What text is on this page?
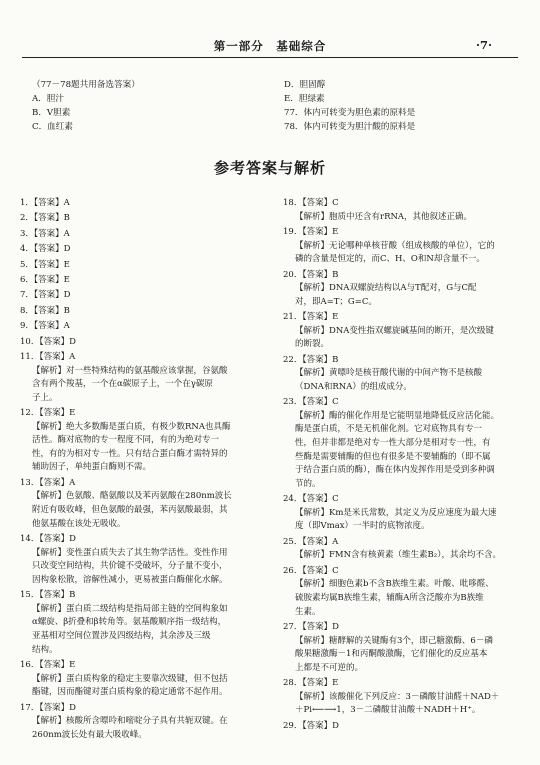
第一部分　基础综合	·7·
（77－78题共用备选答案）
A．胆汁
B．V胆素
C．血红素
D．胆固醇
E．胆绿素
77．体内可转变为胆色素的原料是
78．体内可转变为胆汁酸的原料是
参考答案与解析
1．【答案】A
2．【答案】B
3．【答案】A
4．【答案】D
5．【答案】E
6．【答案】E
7．【答案】D
8．【答案】B
9．【答案】A
10．【答案】D
11．【答案】A
【解析】对一些特殊结构的氨基酸应该掌握，谷氨酸
含有两个羧基，一个在α碳原子上，一个在γ碳原
子上。
12．【答案】E
【解析】绝大多数酶是蛋白质，有极少数RNA也具酶
活性。酶对底物的专一程度不同，有的为绝对专一
性，有的为相对专一性。只有结合蛋白酶才需特异的
辅助因子，单纯蛋白酶则不需。
13．【答案】A
【解析】色氨酸、酪氨酸以及苯丙氨酸在280nm波长
附近有吸收峰，但色氨酸的最强，苯丙氨酸最弱，其
他氨基酸在该处无吸收。
14．【答案】D
【解析】变性蛋白质失去了其生物学活性。变性作用
只改变空间结构，共价键不受破坏，分子量不变小，
因构象松散，溶解性减小，更易被蛋白酶催化水解。
15．【答案】B
【解析】蛋白质二级结构是指局部主链的空间构象如
α螺旋、β折叠和β转角等。氨基酸顺序指一级结构，
亚基相对空间位置涉及四级结构，其余涉及三级
结构。
16．【答案】E
【解析】蛋白质构象的稳定主要靠次级键，但不包括
酯键，因而酯键对蛋白质构象的稳定通常不起作用。
17．【答案】D
【解析】核酸所含嘌呤和嘧啶分子具有共轭双键。在
260nm波长处有最大吸收峰。
18．【答案】C
【解析】胞质中还含有rRNA，其他叙述正确。
19．【答案】E
【解析】无论哪种单核苷酸（组成核酸的单位），它的
磷的含量是恒定的，而C、H、O和N却含量不一。
20．【答案】B
【解析】DNA双螺旋结构以A与T配对，G与C配
对，即A=T；G=C。
21．【答案】E
【解析】DNA变性指双螺旋碱基间的断开，是次级键
的断裂。
22．【答案】B
【解析】黄嘌呤是核苷酸代谢的中间产物不是核酸
（DNA和RNA）的组成成分。
23．【答案】C
【解析】酶的催化作用是它能明显地降低反应活化能。
酶是蛋白质，不是无机催化剂。它对底物具有专一
性，但并非都是绝对专一性大部分是相对专一性，有
些酶是需要辅酶的但也有很多是不要辅酶的（即不属
于结合蛋白质的酶），酶在体内发挥作用是受到多种调
节的。
24．【答案】C
【解析】Km是米氏常数，其定义为反应速度为最大速
度（即Vmax）一半时的底物浓度。
25．【答案】A
【解析】FMN含有核黄素（维生素B₂），其余均不含。
26．【答案】C
【解析】细胞色素b不含B族维生素。叶酸、吡哆醛、
硫胺素均属B族维生素，辅酶A所含泛酸亦为B族维
生素。
27．【答案】D
【解析】糖酵解的关键酶有3个，即己糖激酶、6－磷
酸果糖激酶－1和丙酮酸激酶，它们催化的反应基本
上都是不可逆的。
28．【答案】E
【解析】该酸催化下列反应：3－磷酸甘油醛＋NAD＋
＋Pi⟵⟶1，3－二磷酸甘油酸＋NADH＋H⁺。
29．【答案】D
